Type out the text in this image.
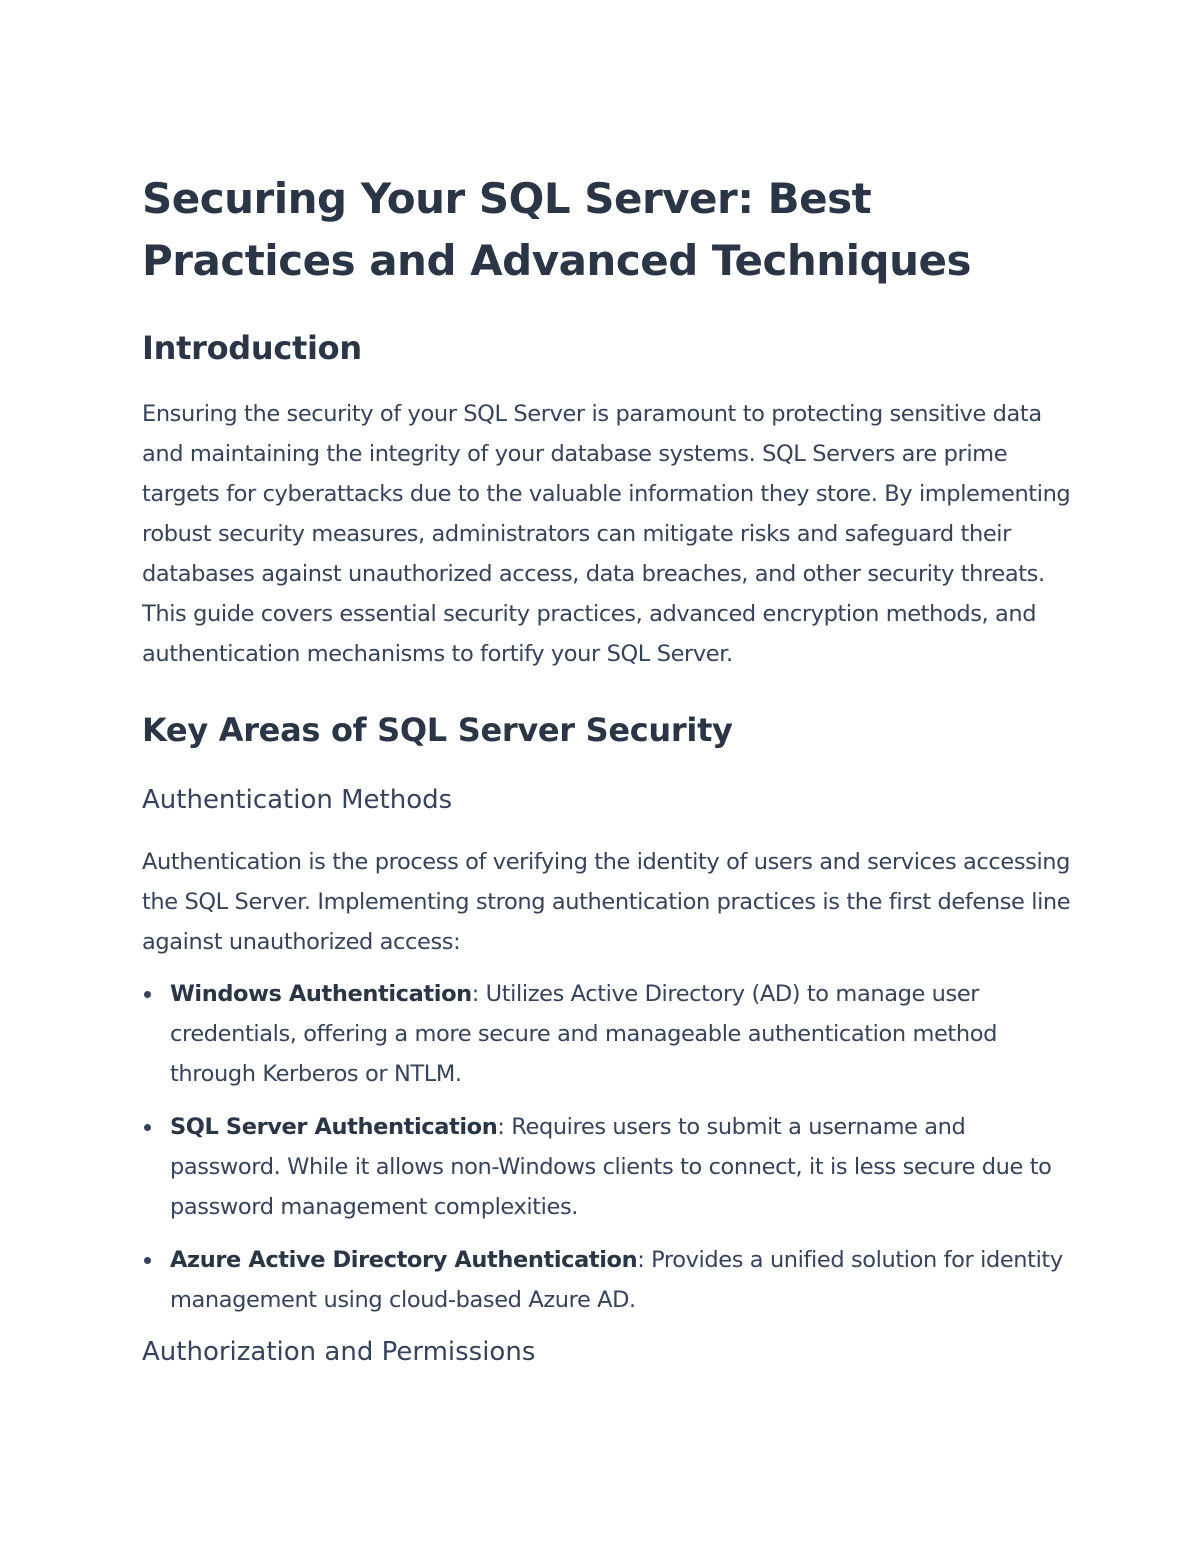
Securing Your SQL Server: Best Practices and Advanced Techniques
Introduction

Ensuring the security of your SQL Server is paramount to protecting sensitive data and maintaining the integrity of your database systems. SQL Servers are prime targets for cyberattacks due to the valuable information they store. By implementing robust security measures, administrators can mitigate risks and safeguard their databases against unauthorized access, data breaches, and other security threats. This guide covers essential security practices, advanced encryption methods, and authentication mechanisms to fortify your SQL Server.

Key Areas of SQL Server Security
Authentication Methods

Authentication is the process of verifying the identity of users and services accessing the SQL Server. Implementing strong authentication practices is the first defense line against unauthorized access:

Windows Authentication: Utilizes Active Directory (AD) to manage user credentials, offering a more secure and manageable authentication method through Kerberos or NTLM.
SQL Server Authentication: Requires users to submit a username and password. While it allows non-Windows clients to connect, it is less secure due to password management complexities.
Azure Active Directory Authentication: Provides a unified solution for identity management using cloud-based Azure AD.
Authorization and Permissions
